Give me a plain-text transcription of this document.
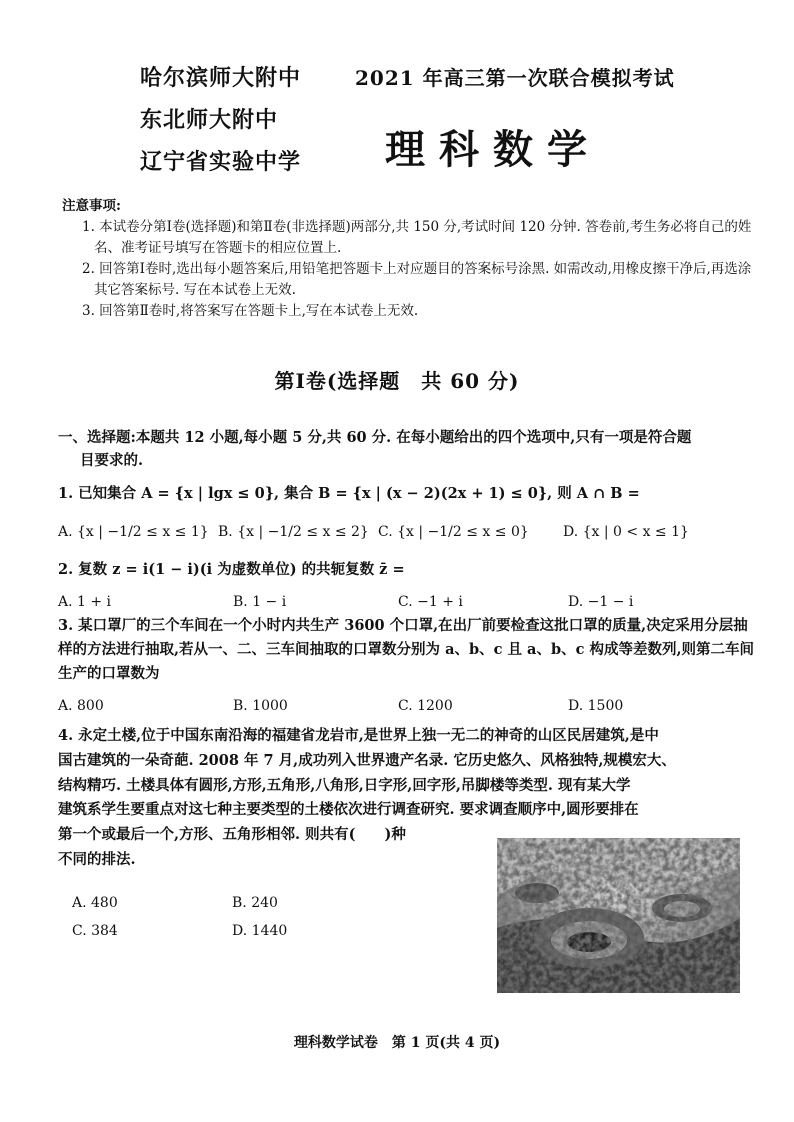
哈尔滨师大附中
东北师大附中
辽宁省实验中学
2021 年高三第一次联合模拟考试
理科数学
注意事项:
1. 本试卷分第Ⅰ卷(选择题)和第Ⅱ卷(非选择题)两部分,共 150 分,考试时间 120 分钟. 答卷前,考生务必将自己的姓名、准考证号填写在答题卡的相应位置上.
2. 回答第Ⅰ卷时,选出每小题答案后,用铅笔把答题卡上对应题目的答案标号涂黑. 如需改动,用橡皮擦干净后,再选涂其它答案标号. 写在本试卷上无效.
3. 回答第Ⅱ卷时,将答案写在答题卡上,写在本试卷上无效.
第Ⅰ卷(选择题　共 60 分)
一、选择题:本题共 12 小题,每小题 5 分,共 60 分. 在每小题给出的四个选项中,只有一项是符合题
目要求的.
1. 已知集合 A = {x | lgx ≤ 0}, 集合 B = {x | (x − 2)(2x + 1) ≤ 0}, 则 A ∩ B =
A. {x | −1/2 ≤ x ≤ 1} B. {x | −1/2 ≤ x ≤ 2} C. {x | −1/2 ≤ x ≤ 0}	D. {x | 0 < x ≤ 1}
2. 复数 z = i(1 − i)(i 为虚数单位) 的共轭复数 z̄ =
A. 1 + i	B. 1 − i	C. −1 + i	D. −1 − i
3. 某口罩厂的三个车间在一个小时内共生产 3600 个口罩,在出厂前要检查这批口罩的质量,决定采用分层抽样的方法进行抽取,若从一、二、三车间抽取的口罩数分别为 a、b、c 且 a、b、c 构成等差数列,则第二车间生产的口罩数为
A. 800	B. 1000	C. 1200	D. 1500
4. 永定土楼,位于中国东南沿海的福建省龙岩市,是世界上独一无二的神奇的山区民居建筑,是中
国古建筑的一朵奇葩. 2008 年 7 月,成功列入世界遗产名录. 它历史悠久、风格独特,规模宏大、
结构精巧. 土楼具体有圆形,方形,五角形,八角形,日字形,回字形,吊脚楼等类型. 现有某大学
建筑系学生要重点对这七种主要类型的土楼依次进行调查研究. 要求调查顺序中,圆形要排在
第一个或最后一个,方形、五角形相邻. 则共有(　　)种
不同的排法.
A. 480	B. 240
C. 384	D. 1440
理科数学试卷　第 1 页(共 4 页)
